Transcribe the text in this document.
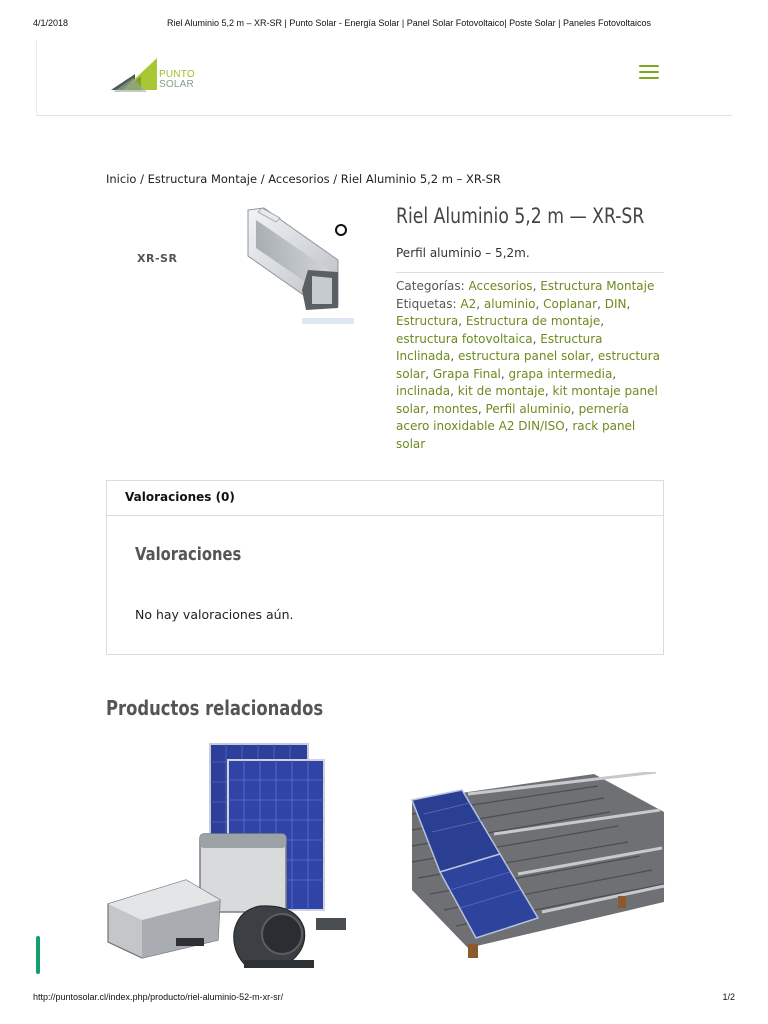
4/1/2018	Riel Aluminio 5,2 m – XR-SR | Punto Solar - Energía Solar | Panel Solar Fotovoltaico| Poste Solar | Paneles Fotovoltaicos
PUNTO
SOLAR
Inicio / Estructura Montaje / Accesorios / Riel Aluminio 5,2 m – XR-SR
XR-SR
Riel Aluminio 5,2 m — XR-SR

Perfil aluminio – 5,2m.

Categorías: Accesorios, Estructura Montaje
Etiquetas: A2, aluminio, Coplanar, DIN, Estructura, Estructura de montaje, estructura fotovoltaica, Estructura Inclinada, estructura panel solar, estructura solar, Grapa Final, grapa intermedia, inclinada, kit de montaje, kit montaje panel solar, montes, Perfil aluminio, pernería acero inoxidable A2 DIN/ISO, rack panel solar
Valoraciones (0)
Valoraciones

No hay valoraciones aún.

Productos relacionados
http://puntosolar.cl/index.php/producto/riel-aluminio-52-m-xr-sr/	1/2
